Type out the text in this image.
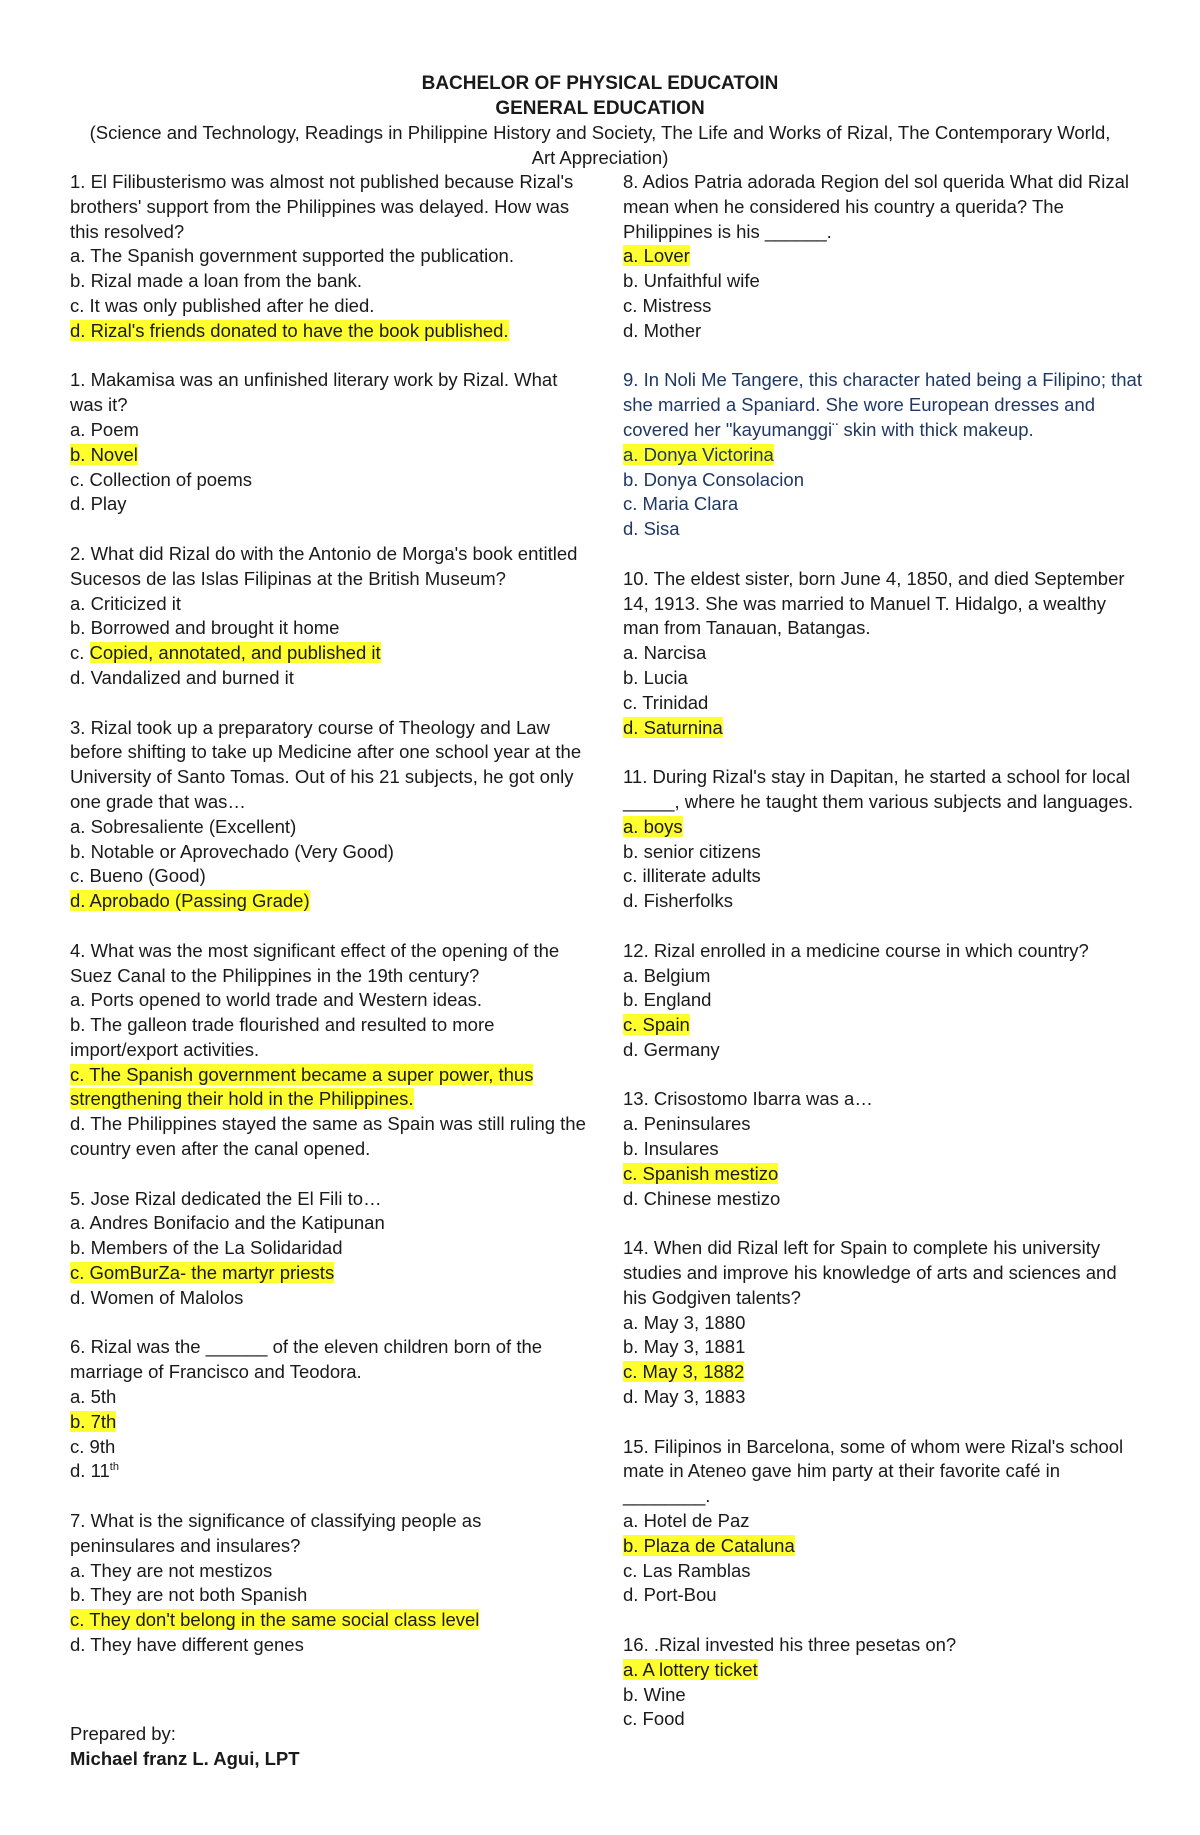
BACHELOR OF PHYSICAL EDUCATOIN
GENERAL EDUCATION
(Science and Technology, Readings in Philippine History and Society, The Life and Works of Rizal, The Contemporary World, Art Appreciation)
1. El Filibusterismo was almost not published because Rizal's brothers' support from the Philippines was delayed. How was this resolved?
a. The Spanish government supported the publication.
b. Rizal made a loan from the bank.
c. It was only published after he died.
d. Rizal's friends donated to have the book published.
1. Makamisa was an unfinished literary work by Rizal. What was it?
a. Poem
b. Novel
c. Collection of poems
d. Play
2. What did Rizal do with the Antonio de Morga's book entitled Sucesos de las Islas Filipinas at the British Museum?
a. Criticized it
b. Borrowed and brought it home
c. Copied, annotated, and published it
d. Vandalized and burned it
3. Rizal took up a preparatory course of Theology and Law before shifting to take up Medicine after one school year at the University of Santo Tomas. Out of his 21 subjects, he got only one grade that was…
a. Sobresaliente (Excellent)
b. Notable or Aprovechado (Very Good)
c. Bueno (Good)
d. Aprobado (Passing Grade)
4. What was the most significant effect of the opening of the Suez Canal to the Philippines in the 19th century?
a. Ports opened to world trade and Western ideas.
b. The galleon trade flourished and resulted to more import/export activities.
c. The Spanish government became a super power, thus strengthening their hold in the Philippines.
d. The Philippines stayed the same as Spain was still ruling the country even after the canal opened.
5. Jose Rizal dedicated the El Fili to…
a. Andres Bonifacio and the Katipunan
b. Members of the La Solidaridad
c. GomBurZa- the martyr priests
d. Women of Malolos
6. Rizal was the ______ of the eleven children born of the marriage of Francisco and Teodora.
a. 5th
b. 7th
c. 9th
d. 11th
7. What is the significance of classifying people as peninsulares and insulares?
a. They are not mestizos
b. They are not both Spanish
c. They don't belong in the same social class level
d. They have different genes
8. Adios Patria adorada Region del sol querida What did Rizal mean when he considered his country a querida? The Philippines is his ______.
a. Lover
b. Unfaithful wife
c. Mistress
d. Mother
9. In Noli Me Tangere, this character hated being a Filipino; that she married a Spaniard. She wore European dresses and covered her "kayumanggi¨ skin with thick makeup.
a. Donya Victorina
b. Donya Consolacion
c. Maria Clara
d. Sisa
10. The eldest sister, born June 4, 1850, and died September 14, 1913. She was married to Manuel T. Hidalgo, a wealthy man from Tanauan, Batangas.
a. Narcisa
b. Lucia
c. Trinidad
d. Saturnina
11. During Rizal's stay in Dapitan, he started a school for local _____, where he taught them various subjects and languages.
a. boys
b. senior citizens
c. illiterate adults
d. Fisherfolks
12. Rizal enrolled in a medicine course in which country?
a. Belgium
b. England
c. Spain
d. Germany
13. Crisostomo Ibarra was a…
a. Peninsulares
b. Insulares
c. Spanish mestizo
d. Chinese mestizo
14. When did Rizal left for Spain to complete his university studies and improve his knowledge of arts and sciences and his Godgiven talents?
a. May 3, 1880
b. May 3, 1881
c. May 3, 1882
d. May 3, 1883
15. Filipinos in Barcelona, some of whom were Rizal's school mate in Ateneo gave him party at their favorite café in ________.
a. Hotel de Paz
b. Plaza de Cataluna
c. Las Ramblas
d. Port-Bou
16. .Rizal invested his three pesetas on?
a. A lottery ticket
b. Wine
c. Food
Prepared by:
Michael franz L. Agui, LPT
